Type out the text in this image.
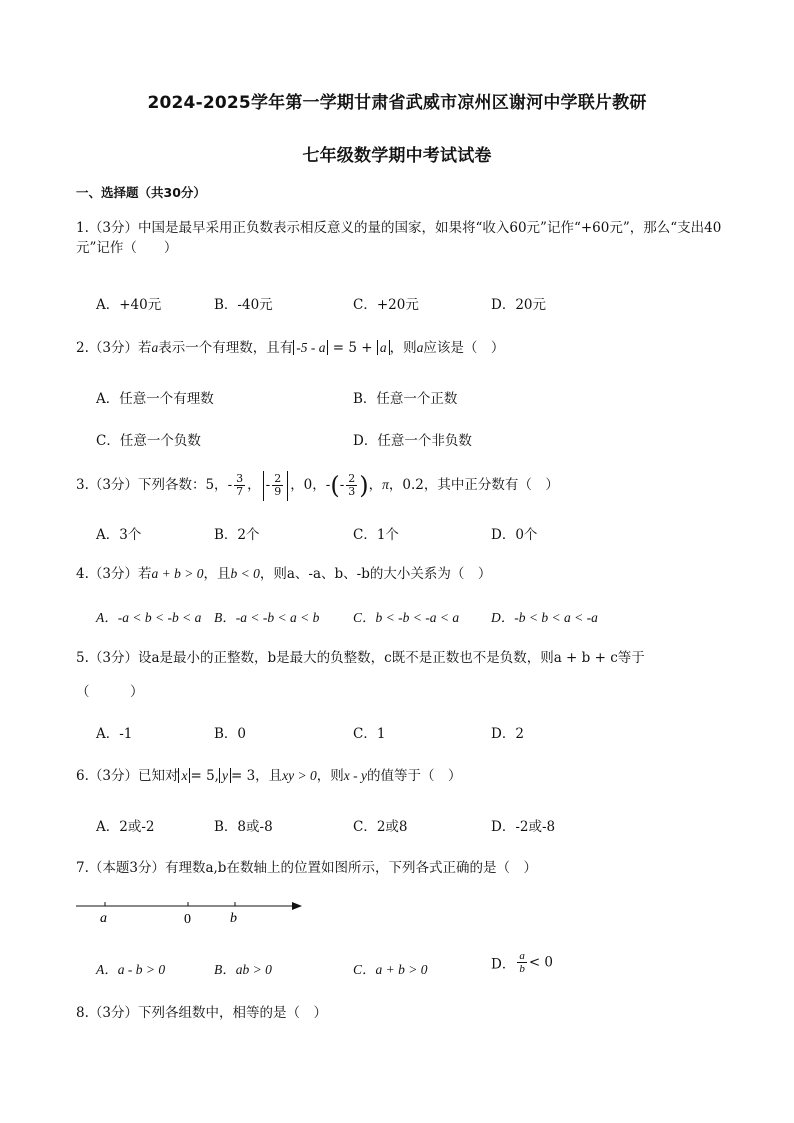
2024-2025学年第一学期甘肃省武威市凉州区谢河中学联片教研
七年级数学期中考试试卷
一、选择题（共30分）
1.（3分）中国是最早采用正负数表示相反意义的量的国家，如果将“收入60元”记作“+60元”，那么“支出40元”记作（　　）
A．+40元	B．-40元	C．+20元	D．20元
2.（3分）若a表示一个有理数，且有 -5 - a = 5 + a ，则a应该是（　）
A．任意一个有理数	B．任意一个正数
C．任意一个负数	D．任意一个非负数
3.（3分）下列各数：5，- $\frac{3}{7}$ ， - $\frac{2}{9}$ ，0，-(- $\frac{2}{3}$ )，π，0.2，其中正分数有（　）
A．3个	B．2个	C．1个	D．0个
4.（3分）若a + b > 0，且b < 0，则a、-a、b、-b的大小关系为（　）
A．-a < b < -b < a B．-a < -b < a < b C．b < -b < -a < a D．-b < b < a < -a
5.（3分）设a是最小的正整数，b是最大的负整数，c既不是正数也不是负数，则a + b + c等于
（　　　）
A．-1	B．0	C．1	D．2
6.（3分）已知对 x = 5, y = 3，且xy > 0，则x - y的值等于（　）
A．2或-2	B．8或-8	C．2或8	D．-2或-8
7.（本题3分）有理数a,b在数轴上的位置如图所示，下列各式正确的是（　）
a	0	b
A．a - b > 0	B．ab > 0	C．a + b > 0	D． $\frac{a}{b} < 0$
8.（3分）下列各组数中，相等的是（　）
